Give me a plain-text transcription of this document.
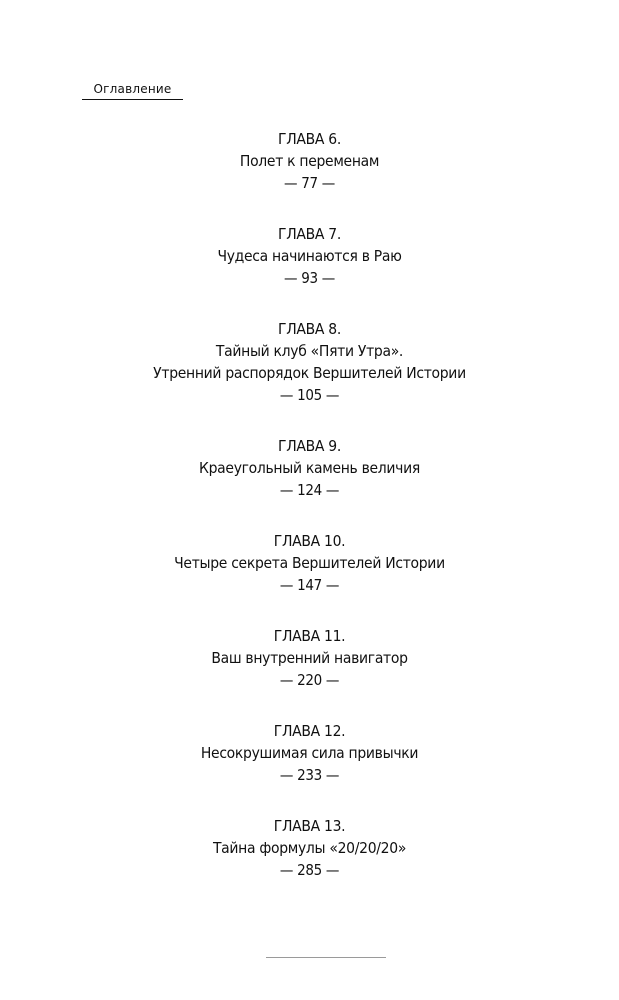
Оглавление
ГЛАВА 6.
Полет к переменам
— 77 —
ГЛАВА 7.
Чудеса начинаются в Раю
— 93 —
ГЛАВА 8.
Тайный клуб «Пяти Утра».
Утренний распорядок Вершителей Истории
— 105 —
ГЛАВА 9.
Краеугольный камень величия
— 124 —
ГЛАВА 10.
Четыре секрета Вершителей Истории
— 147 —
ГЛАВА 11.
Ваш внутренний навигатор
— 220 —
ГЛАВА 12.
Несокрушимая сила привычки
— 233 —
ГЛАВА 13.
Тайна формулы «20/20/20»
— 285 —
